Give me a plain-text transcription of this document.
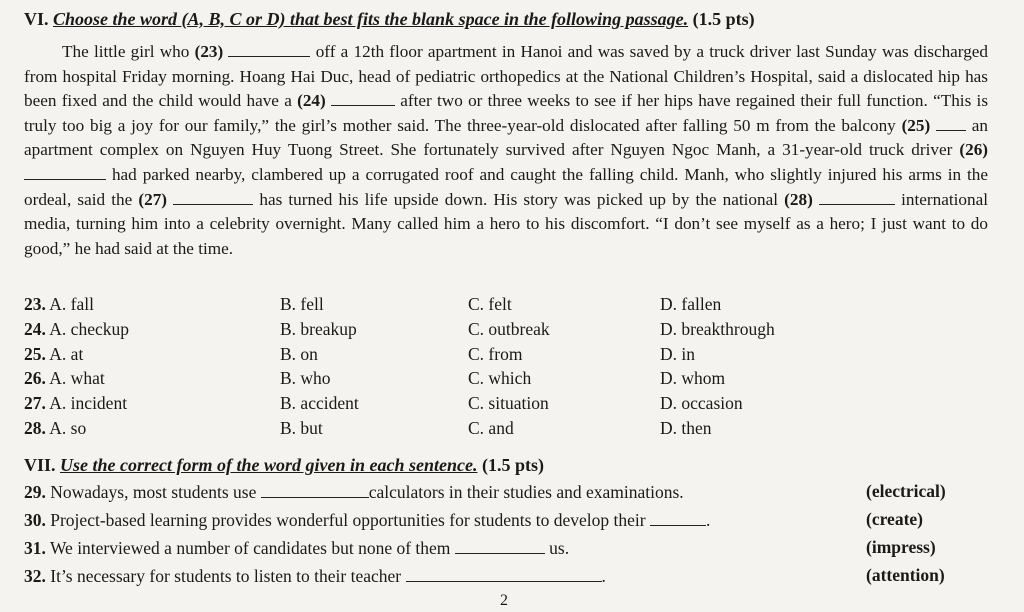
VI. Choose the word (A, B, C or D) that best fits the blank space in the following passage. (1.5 pts)

The little girl who (23)	off a 12th floor apartment in Hanoi and was saved by a truck driver last Sunday was discharged from hospital Friday morning. Hoang Hai Duc, head of pediatric orthopedics at the National Children’s Hospital, said a dislocated hip has been fixed and the child would have a (24)	after two or three weeks to see if her hips have regained their full function. “This is truly too big a joy for our family,” the girl’s mother said. The three-year-old dislocated after falling 50 m from the balcony (25) an apartment complex on Nguyen Huy Tuong Street. She fortunately survived after Nguyen Ngoc Manh, a 31-year-old truck driver (26)  had parked nearby, clambered up a corrugated roof and caught the falling child. Manh, who slightly injured his arms in the ordeal, said the (27)	has turned his life upside down. His story was picked up by the national (28)	international media, turning him into a celebrity overnight. Many called him a hero to his discomfort. “I don’t see myself as a hero; I just want to do good,” he had said at the time.

23. A. fall	B. fell	C. felt	D. fallen
24. A. checkup	B. breakup	C. outbreak	D. breakthrough
25. A. at	B. on	C. from	D. in
26. A. what	B. who	C. which	D. whom
27. A. incident	B. accident	C. situation	D. occasion
28. A. so	B. but	C. and	D. then
VII. Use the correct form of the word given in each sentence. (1.5 pts)
29. Nowadays, most students use	calculators in their studies and examinations.	(electrical)
30. Project-based learning provides wonderful opportunities for students to develop their	.	(create)
31. We interviewed a number of candidates but none of them	us.	(impress)
32. It’s necessary for students to listen to their teacher	.	(attention)
2
